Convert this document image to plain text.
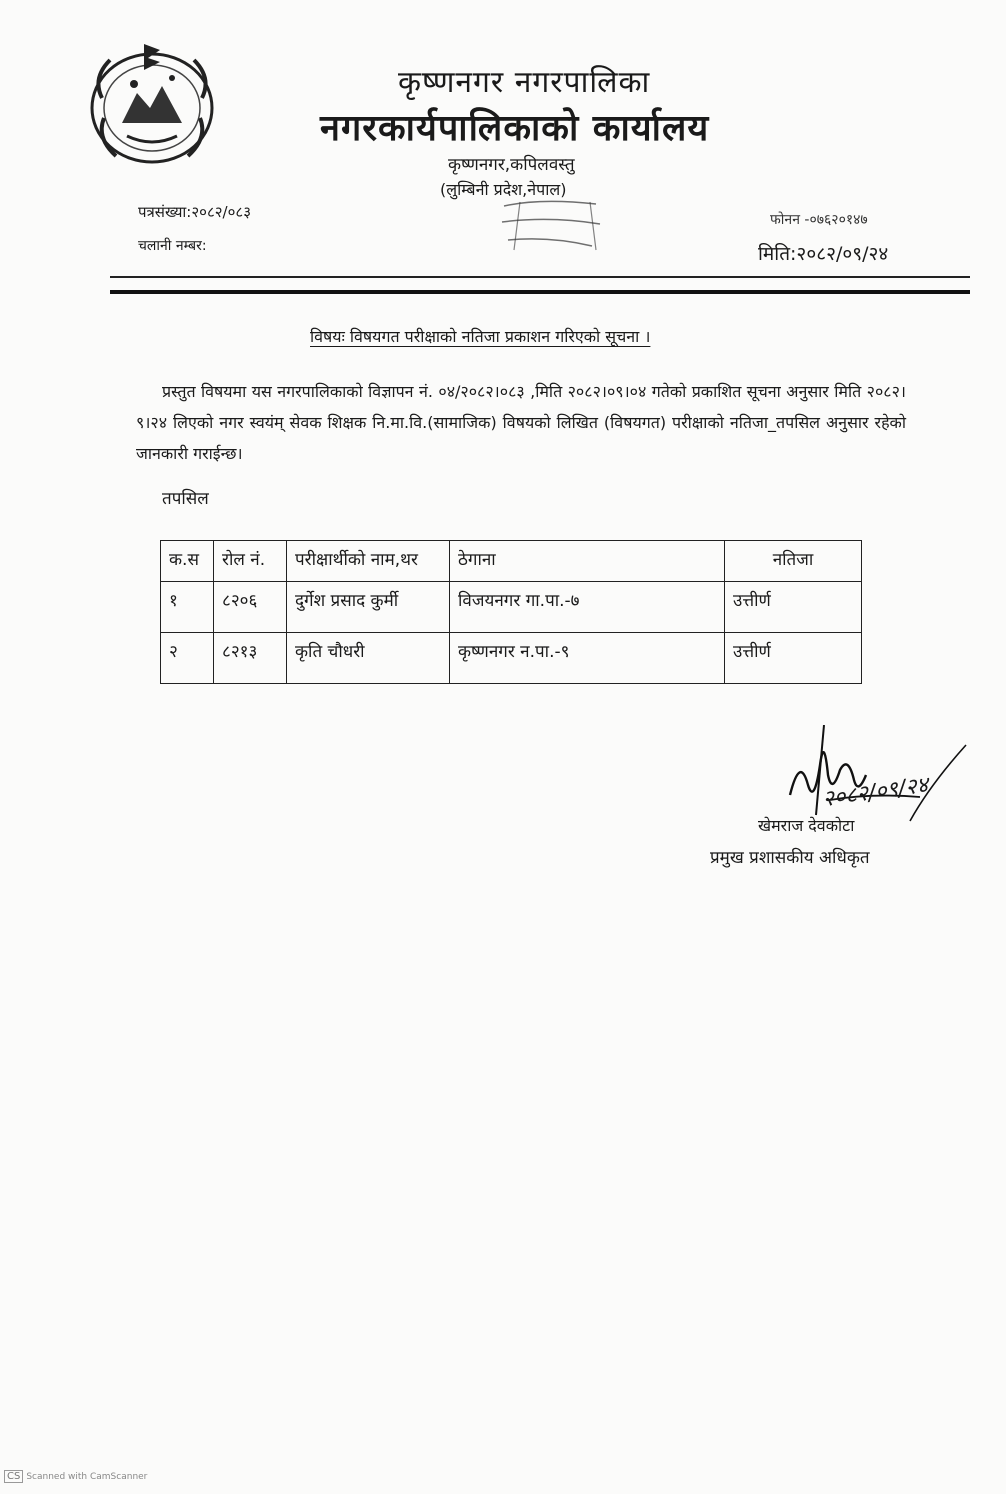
कृष्णनगर नगरपालिका
नगरकार्यपालिकाको कार्यालय
कृष्णनगर,कपिलवस्तु
(लुम्बिनी प्रदेश,नेपाल)
पत्रसंख्या:२०८२/०८३
चलानी नम्बर:
फोनन -०७६२०१४७
मिति:२०८२/०९/२४
विषयः विषयगत परीक्षाको नतिजा प्रकाशन गरिएको सूचना ।
प्रस्तुत विषयमा यस नगरपालिकाको विज्ञापन नं. ०४/२०८२।०८३ ,मिति २०८२।०९।०४ गतेको प्रकाशित सूचना अनुसार मिति २०८२।९।२४ लिएको नगर स्वयंम् सेवक शिक्षक नि.मा.वि.(सामाजिक) विषयको लिखित (विषयगत) परीक्षाको नतिजा_तपसिल अनुसार रहेको जानकारी गराईन्छ।
तपसिल
क.स	रोल नं.	परीक्षार्थीको नाम,थर	ठेगाना	नतिजा
१	८२०६	दुर्गेश प्रसाद कुर्मी	विजयनगर गा.पा.-७	उत्तीर्ण
२	८२१३	कृति चौधरी	कृष्णनगर न.पा.-९	उत्तीर्ण
२०८२/०९/२४
खेमराज देवकोटा
प्रमुख प्रशासकीय अधिकृत
CS Scanned with CamScanner
